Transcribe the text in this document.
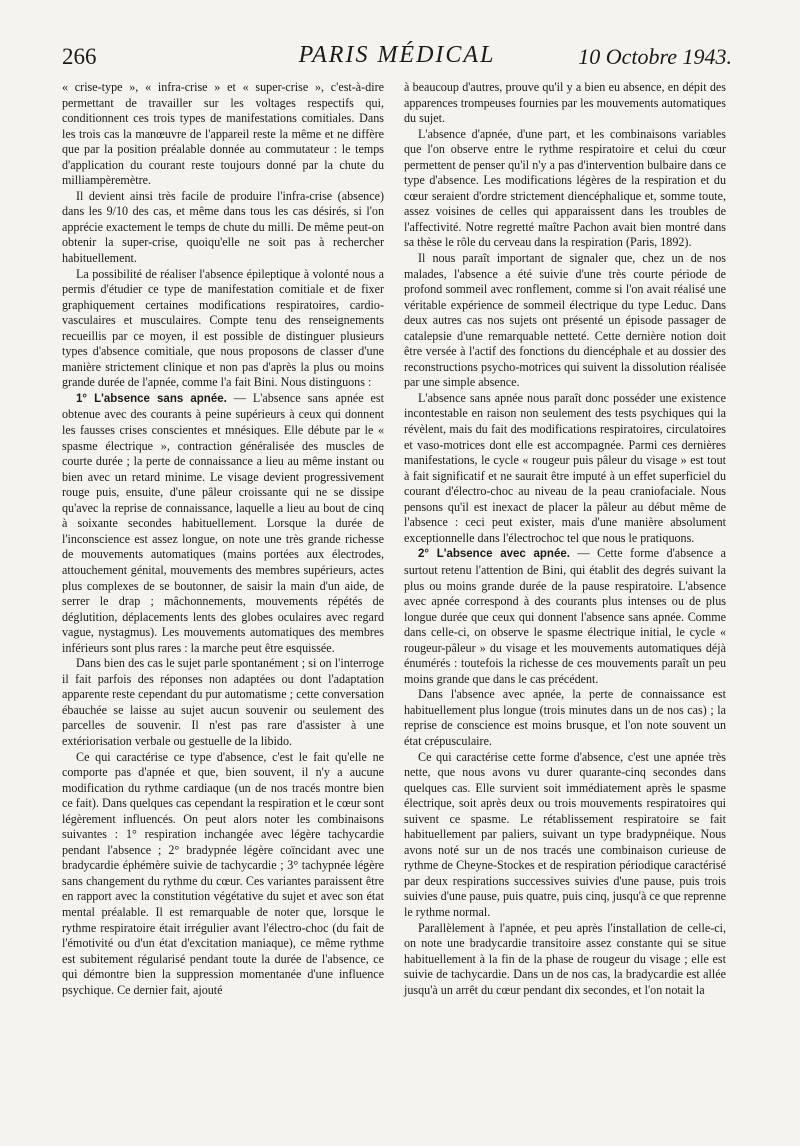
266	PARIS MÉDICAL	10 Octobre 1943.

« crise-type », « infra-crise » et « super-crise », c'est-à-dire permettant de travailler sur les voltages respectifs qui, conditionnent ces trois types de manifestations comitiales. Dans les trois cas la manœuvre de l'appareil reste la même et ne diffère que par la position préalable donnée au commutateur : le temps d'application du courant reste toujours donné par la chute du milliampèremètre.

Il devient ainsi très facile de produire l'infra-crise (absence) dans les 9/10 des cas, et même dans tous les cas désirés, si l'on apprécie exactement le temps de chute du milli. De même peut-on obtenir la super-crise, quoiqu'elle ne soit pas à rechercher habituellement.

La possibilité de réaliser l'absence épileptique à volonté nous a permis d'étudier ce type de manifestation comitiale et de fixer graphiquement certaines modifications respiratoires, cardio-vasculaires et musculaires. Compte tenu des renseignements recueillis par ce moyen, il est possible de distinguer plusieurs types d'absence comitiale, que nous proposons de classer d'une manière strictement clinique et non pas d'après la plus ou moins grande durée de l'apnée, comme l'a fait Bini. Nous distinguons :

1° L'absence sans apnée. — L'absence sans apnée est obtenue avec des courants à peine supérieurs à ceux qui donnent les fausses crises conscientes et mnésiques. Elle débute par le « spasme électrique », contraction généralisée des muscles de courte durée ; la perte de connaissance a lieu au même instant ou bien avec un retard minime. Le visage devient progressivement rouge puis, ensuite, d'une pâleur croissante qui ne se dissipe qu'avec la reprise de connaissance, laquelle a lieu au bout de cinq à soixante secondes habituellement. Lorsque la durée de l'inconscience est assez longue, on note une très grande richesse de mouvements automatiques (mains portées aux électrodes, attouchement génital, mouvements des membres supérieurs, actes plus complexes de se boutonner, de saisir la main d'un aide, de serrer le drap ; mâchonnements, mouvements répétés de déglutition, déplacements lents des globes oculaires avec regard vague, nystagmus). Les mouvements automatiques des membres inférieurs sont plus rares : la marche peut être esquissée.

Dans bien des cas le sujet parle spontanément ; si on l'interroge il fait parfois des réponses non adaptées ou dont l'adaptation apparente reste cependant du pur automatisme ; cette conversation ébauchée se laisse au sujet aucun souvenir ou seulement des parcelles de souvenir. Il n'est pas rare d'assister à une extériorisation verbale ou gestuelle de la libido.

Ce qui caractérise ce type d'absence, c'est le fait qu'elle ne comporte pas d'apnée et que, bien souvent, il n'y a aucune modification du rythme cardiaque (un de nos tracés montre bien ce fait). Dans quelques cas cependant la respiration et le cœur sont légèrement influencés. On peut alors noter les combinaisons suivantes : 1° respiration inchangée avec légère tachycardie pendant l'absence ; 2° bradypnée légère coïncidant avec une bradycardie éphémère suivie de tachycardie ; 3° tachypnée légère sans changement du rythme du cœur. Ces variantes paraissent être en rapport avec la constitution végétative du sujet et avec son état mental préalable. Il est remarquable de noter que, lorsque le rythme respiratoire était irrégulier avant l'électro-choc (du fait de l'émotivité ou d'un état d'excitation maniaque), ce même rythme est subitement régularisé pendant toute la durée de l'absence, ce qui démontre bien la suppression momentanée d'une influence psychique. Ce dernier fait, ajouté

à beaucoup d'autres, prouve qu'il y a bien eu absence, en dépit des apparences trompeuses fournies par les mouvements automatiques du sujet.

L'absence d'apnée, d'une part, et les combinaisons variables que l'on observe entre le rythme respiratoire et celui du cœur permettent de penser qu'il n'y a pas d'intervention bulbaire dans ce type d'absence. Les modifications légères de la respiration et du cœur seraient d'ordre strictement diencéphalique et, somme toute, assez voisines de celles qui apparaissent dans les troubles de l'affectivité. Notre regretté maître Pachon avait bien montré dans sa thèse le rôle du cerveau dans la respiration (Paris, 1892).

Il nous paraît important de signaler que, chez un de nos malades, l'absence a été suivie d'une très courte période de profond sommeil avec ronflement, comme si l'on avait réalisé une véritable expérience de sommeil électrique du type Leduc. Dans deux autres cas nos sujets ont présenté un épisode passager de catalepsie d'une remarquable netteté. Cette dernière notion doit être versée à l'actif des fonctions du diencéphale et au dossier des reconstructions psycho-motrices qui suivent la dissolution réalisée par une simple absence.

L'absence sans apnée nous paraît donc posséder une existence incontestable en raison non seulement des tests psychiques qui la révèlent, mais du fait des modifications respiratoires, circulatoires et vaso-motrices dont elle est accompagnée. Parmi ces dernières manifestations, le cycle « rougeur puis pâleur du visage » est tout à fait significatif et ne saurait être imputé à un effet superficiel du courant d'électro-choc au niveau de la peau craniofaciale. Nous pensons qu'il est inexact de placer la pâleur au début même de l'absence : ceci peut exister, mais d'une manière absolument exceptionnelle dans l'électrochoc tel que nous le pratiquons.

2° L'absence avec apnée. — Cette forme d'absence a surtout retenu l'attention de Bini, qui établit des degrés suivant la plus ou moins grande durée de la pause respiratoire. L'absence avec apnée correspond à des courants plus intenses ou de plus longue durée que ceux qui donnent l'absence sans apnée. Comme dans celle-ci, on observe le spasme électrique initial, le cycle « rougeur-pâleur » du visage et les mouvements automatiques déjà énumérés : toutefois la richesse de ces mouvements paraît un peu moins grande que dans le cas précédent.

Dans l'absence avec apnée, la perte de connaissance est habituellement plus longue (trois minutes dans un de nos cas) ; la reprise de conscience est moins brusque, et l'on note souvent un état crépusculaire.

Ce qui caractérise cette forme d'absence, c'est une apnée très nette, que nous avons vu durer quarante-cinq secondes dans quelques cas. Elle survient soit immédiatement après le spasme électrique, soit après deux ou trois mouvements respiratoires qui suivent ce spasme. Le rétablissement respiratoire se fait habituellement par paliers, suivant un type bradypnéique. Nous avons noté sur un de nos tracés une combinaison curieuse de rythme de Cheyne-Stockes et de respiration périodique caractérisé par deux respirations successives suivies d'une pause, puis trois suivies d'une pause, puis quatre, puis cinq, jusqu'à ce que reprenne le rythme normal.

Parallèlement à l'apnée, et peu après l'installation de celle-ci, on note une bradycardie transitoire assez constante qui se situe habituellement à la fin de la phase de rougeur du visage ; elle est suivie de tachycardie. Dans un de nos cas, la bradycardie est allée jusqu'à un arrêt du cœur pendant dix secondes, et l'on notait la
